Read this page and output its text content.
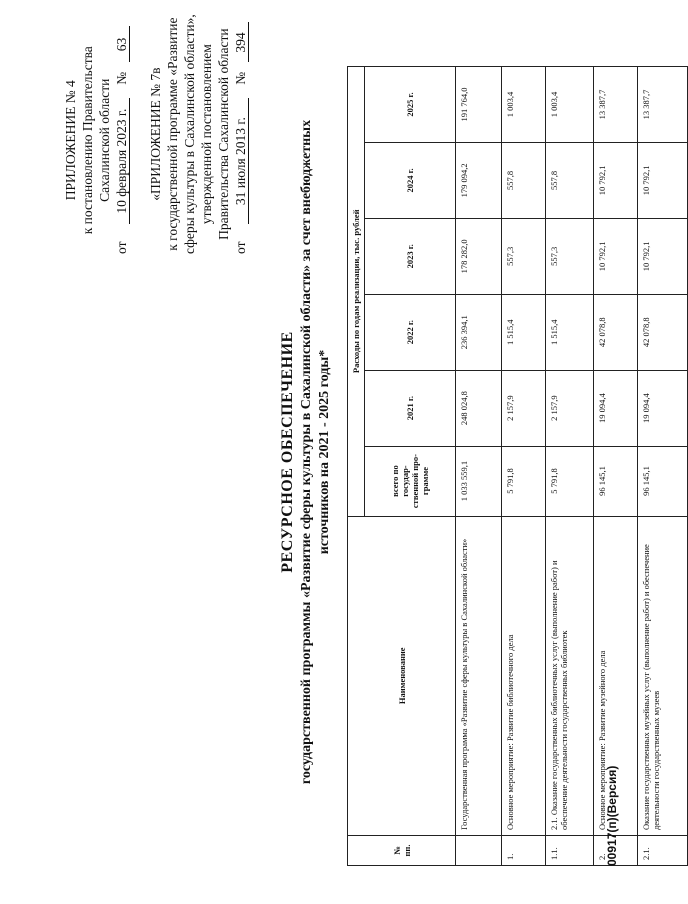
ПРИЛОЖЕНИЕ № 4 к постановлению Правительства Сахалинской области
от 10 февраля 2023 г. № 63
«ПРИЛОЖЕНИЕ № 7в к государственной программе «Развитие сферы культуры в Сахалинской области», утвержденной постановлением Правительства Сахалинской области
от 31 июля 2013 г. № 394
РЕСУРСНОЕ ОБЕСПЕЧЕНИЕ государственной программы «Развитие сферы культуры в Сахалинской области» за счет внебюджетных источников на 2021 - 2025 годы*
№ пп.	Наименование	Расходы по годам реализации, тыс. рублей					
		всего по государ-ственной про-грамме	2021 г.	2022 г.	2023 г.	2024 г.	2025 г.
	Государственная программа «Развитие сферы культуры в Сахалинской области»	1 033 559,1	248 024,8	236 394,1	178 282,0	179 094,2	191 764,0
1.	Основное мероприятие: Развитие библиотечного дела	5 791,8	2 157,9	1 515,4	557,3	557,8	1 003,4
1.1.	2.1. Оказание государственных библиотечных услуг (выполнение работ) и обеспечение деятельности государственных библиотек	5 791,8	2 157,9	1 515,4	557,3	557,8	1 003,4
2.	Основное мероприятие: Развитие музейного дела	96 145,1	19 094,4	42 078,8	10 792,1	10 792,1	13 387,7
2.1.	Оказание государственных музейных услуг (выполнение работ) и обеспечение деятельности государственных музеев	96 145,1	19 094,4	42 078,8	10 792,1	10 792,1	13 387,7
00917(п)(Версия)
